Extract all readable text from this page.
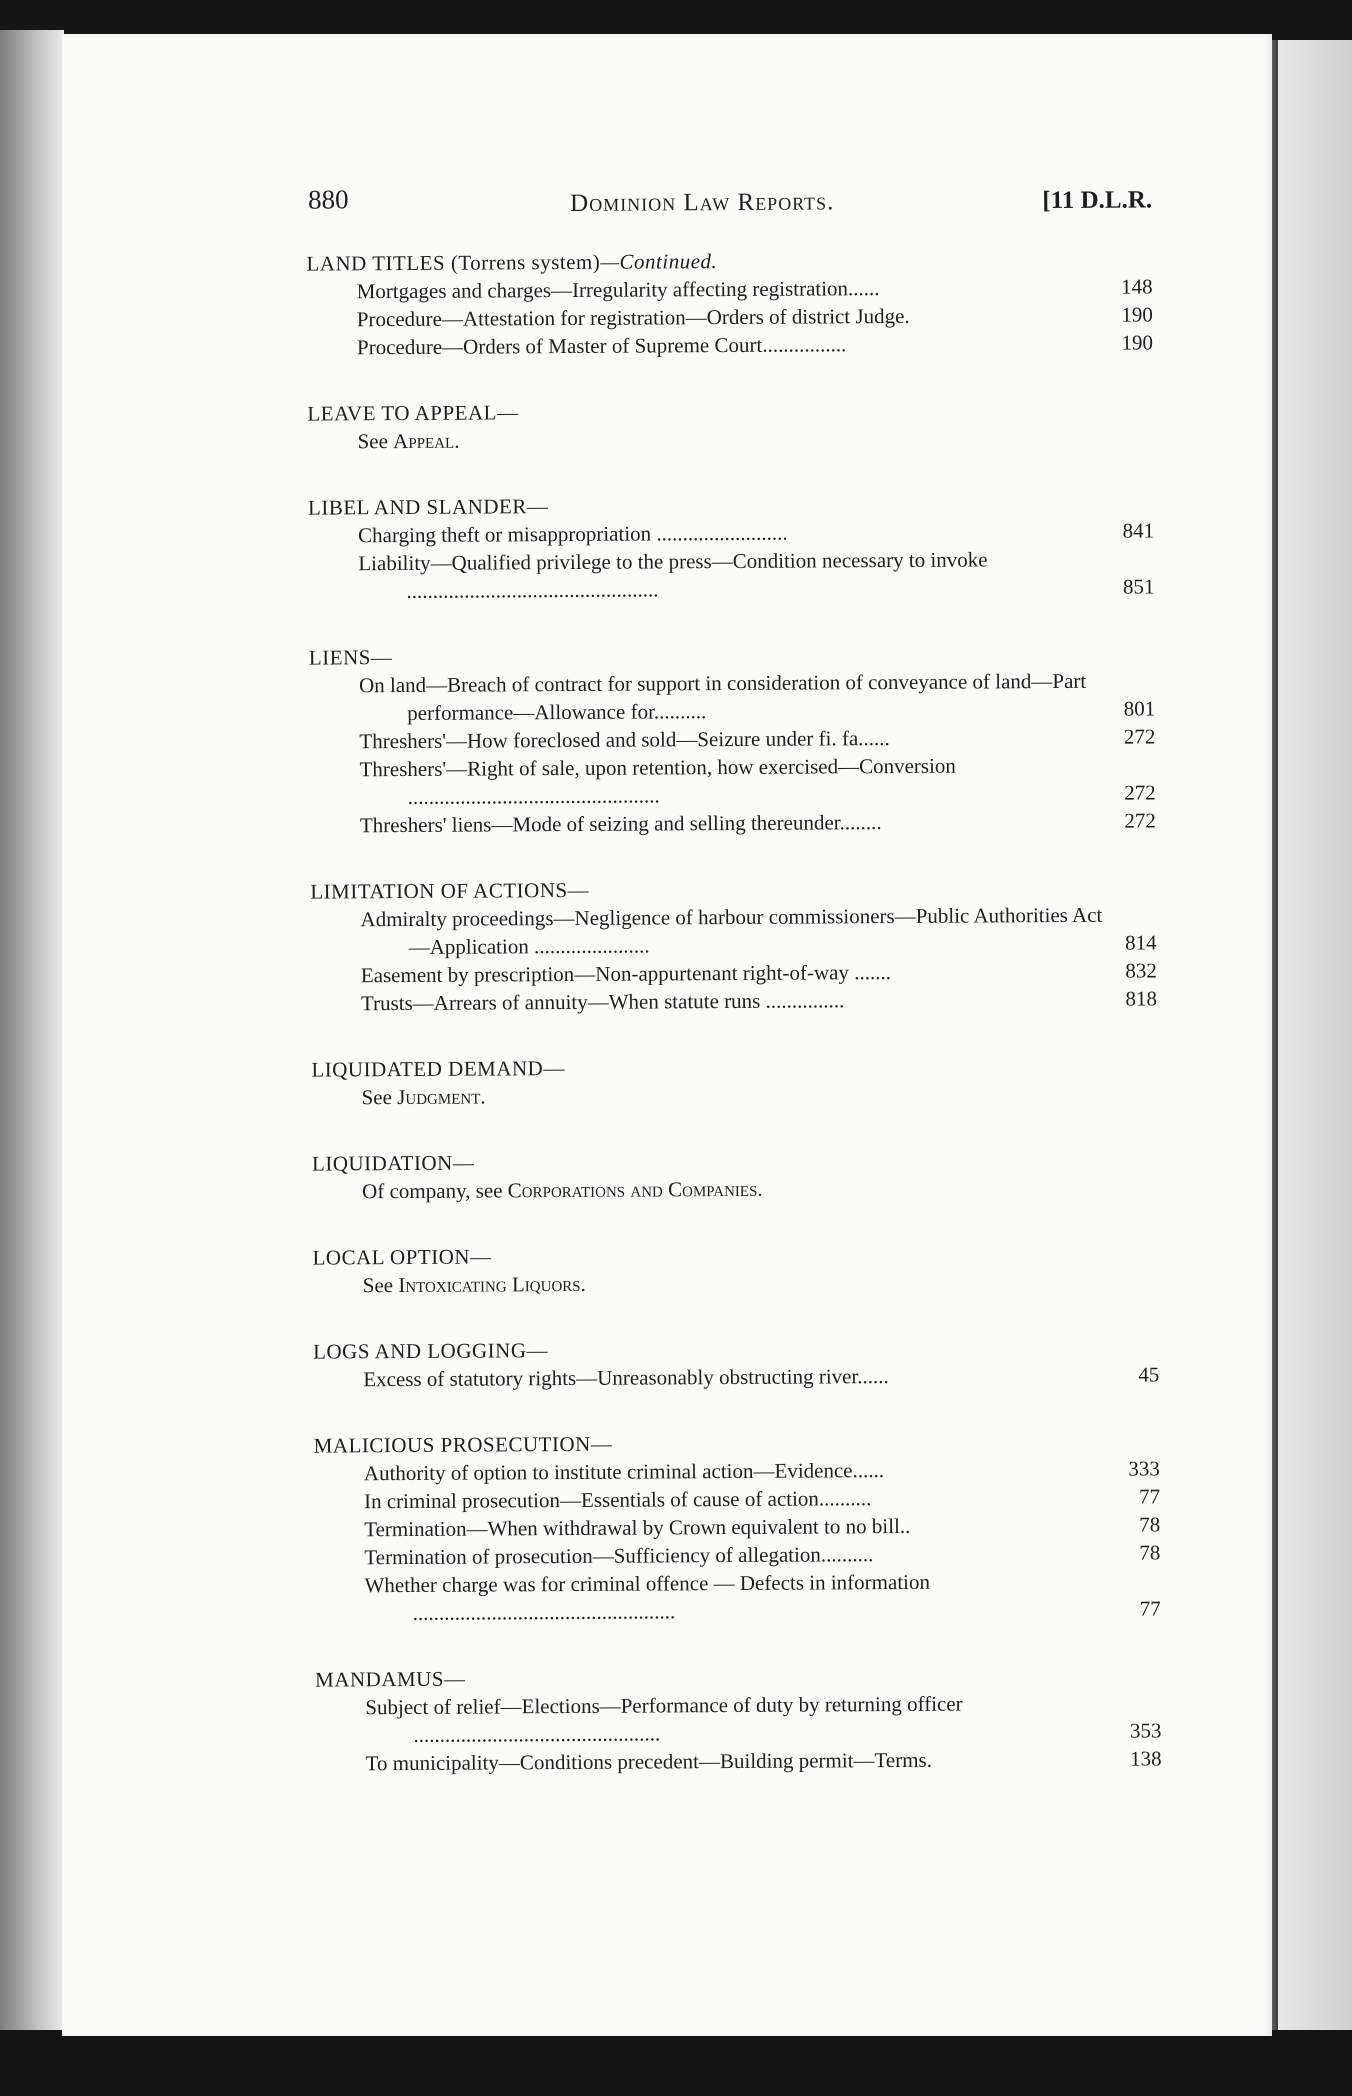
880	Dominion Law Reports.	[11 D.L.R.
LAND TITLES (Torrens system)—Continued.
Mortgages and charges—Irregularity affecting registration......	148
Procedure—Attestation for registration—Orders of district Judge.	190
Procedure—Orders of Master of Supreme Court................	190
LEAVE TO APPEAL—
See Appeal.
LIBEL AND SLANDER—
Charging theft or misappropriation .........................	841
Liability—Qualified privilege to the press—Condition necessary to invoke ................................................	851
LIENS—
On land—Breach of contract for support in consideration of conveyance of land—Part performance—Allowance for..........	801
Threshers'—How foreclosed and sold—Seizure under fi. fa......	272
Threshers'—Right of sale, upon retention, how exercised—Conversion ................................................	272
Threshers' liens—Mode of seizing and selling thereunder........	272
LIMITATION OF ACTIONS—
Admiralty proceedings—Negligence of harbour commissioners—Public Authorities Act—Application ......................	814
Easement by prescription—Non-appurtenant right-of-way .......	832
Trusts—Arrears of annuity—When statute runs ...............	818
LIQUIDATED DEMAND—
See Judgment.
LIQUIDATION—
Of company, see Corporations and Companies.
LOCAL OPTION—
See Intoxicating Liquors.
LOGS AND LOGGING—
Excess of statutory rights—Unreasonably obstructing river......	45
MALICIOUS PROSECUTION—
Authority of option to institute criminal action—Evidence......	333
In criminal prosecution—Essentials of cause of action..........	77
Termination—When withdrawal by Crown equivalent to no bill..	78
Termination of prosecution—Sufficiency of allegation..........	78
Whether charge was for criminal offence — Defects in information ..................................................	77
MANDAMUS—
Subject of relief—Elections—Performance of duty by returning officer ...............................................	353
To municipality—Conditions precedent—Building permit—Terms.	138
